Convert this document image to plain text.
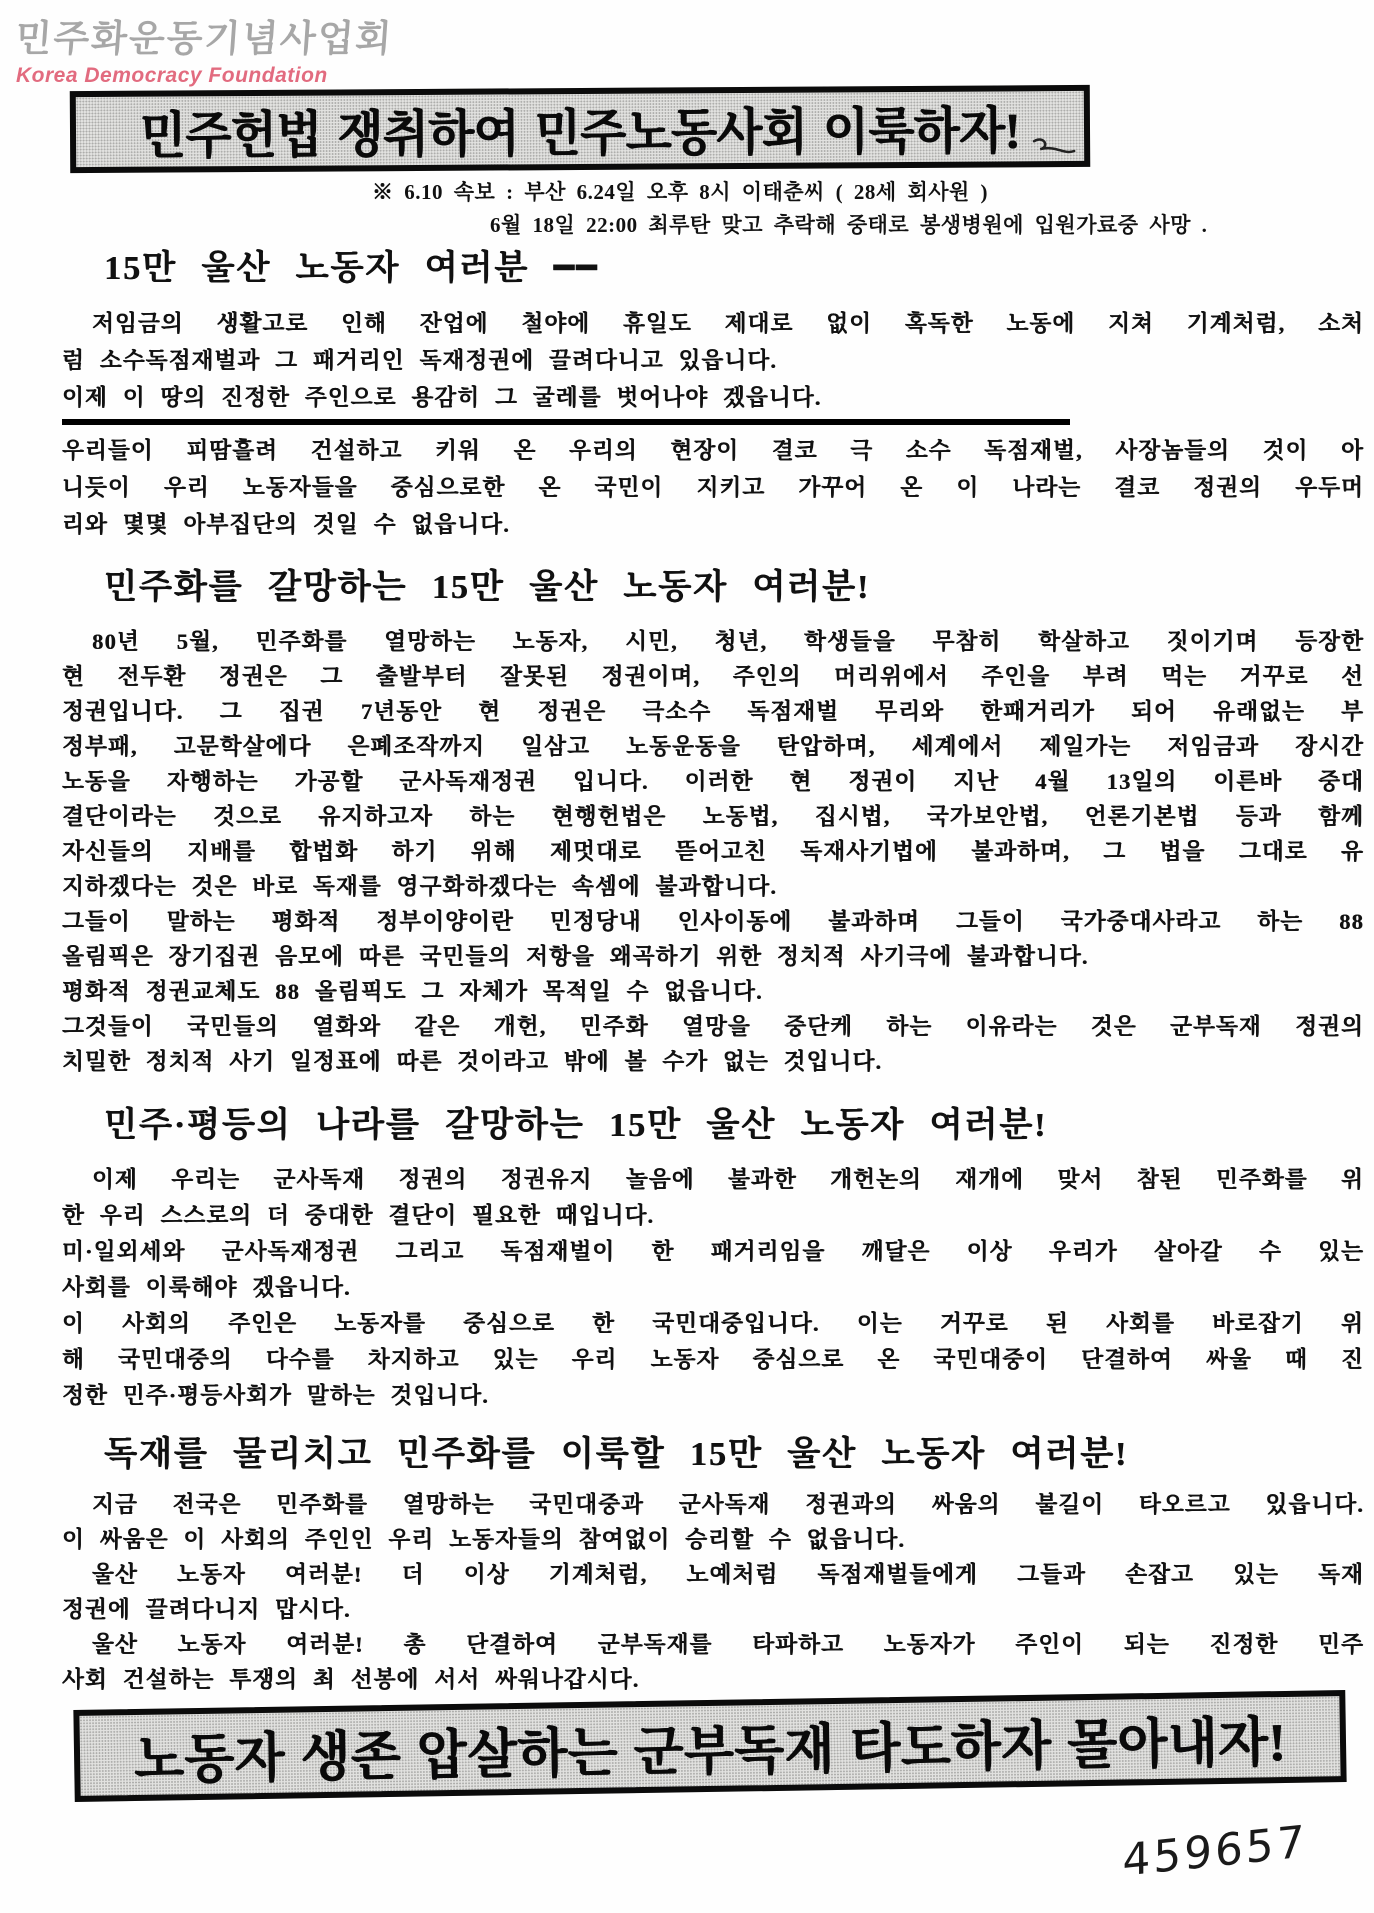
민주화운동기념사업회
Korea Democracy Foundation
민주헌법 쟁취하여 민주노동사회 이룩하자!
※ 6.10 속보 : 부산 6.24일 오후 8시 이태춘씨 ( 28세 회사원 )
6월 18일 22:00 최루탄 맞고 추락해 중태로 봉생병원에 입원가료중 사망 .
15만 울산 노동자 여러분 ━━
저임금의 생활고로 인해 잔업에 철야에 휴일도 제대로 없이 혹독한 노동에 지쳐 기계처럼, 소처
럼 소수독점재벌과 그 패거리인 독재정권에 끌려다니고 있읍니다.
이제 이 땅의 진정한 주인으로 용감히 그 굴레를 벗어나야 겠읍니다.
우리들이 피땀흘려 건설하고 키워 온 우리의 현장이 결코 극 소수 독점재벌, 사장놈들의 것이 아
니듯이 우리 노동자들을 중심으로한 온 국민이 지키고 가꾸어 온 이 나라는 결코 정권의 우두머
리와 몇몇 아부집단의 것일 수 없읍니다.
민주화를 갈망하는 15만 울산 노동자 여러분!
80년 5월, 민주화를 열망하는 노동자, 시민, 청년, 학생들을 무참히 학살하고 짓이기며 등장한
현 전두환 정권은 그 출발부터 잘못된 정권이며, 주인의 머리위에서 주인을 부려 먹는 거꾸로 선
정권입니다. 그 집권 7년동안 현 정권은 극소수 독점재벌 무리와 한패거리가 되어 유래없는 부
정부패, 고문학살에다 은폐조작까지 일삼고 노동운동을 탄압하며, 세계에서 제일가는 저임금과 장시간
노동을 자행하는 가공할 군사독재정권 입니다. 이러한 현 정권이 지난 4월 13일의 이른바 중대
결단이라는 것으로 유지하고자 하는 현행헌법은 노동법, 집시법, 국가보안법, 언론기본법 등과 함께
자신들의 지배를 합법화 하기 위해 제멋대로 뜯어고친 독재사기법에 불과하며, 그 법을 그대로 유
지하겠다는 것은 바로 독재를 영구화하겠다는 속셈에 불과합니다.
그들이 말하는 평화적 정부이양이란 민정당내 인사이동에 불과하며 그들이 국가중대사라고 하는 88
올림픽은 장기집권 음모에 따른 국민들의 저항을 왜곡하기 위한 정치적 사기극에 불과합니다.
평화적 정권교체도 88 올림픽도 그 자체가 목적일 수 없읍니다.
그것들이 국민들의 열화와 같은 개헌, 민주화 열망을 중단케 하는 이유라는 것은 군부독재 정권의
치밀한 정치적 사기 일정표에 따른 것이라고 밖에 볼 수가 없는 것입니다.
민주·평등의 나라를 갈망하는 15만 울산 노동자 여러분!
이제 우리는 군사독재 정권의 정권유지 놀음에 불과한 개헌논의 재개에 맞서 참된 민주화를 위
한 우리 스스로의 더 중대한 결단이 필요한 때입니다.
미·일외세와 군사독재정권 그리고 독점재벌이 한 패거리임을 깨달은 이상 우리가 살아갈 수 있는
사회를 이룩해야 겠읍니다.
이 사회의 주인은 노동자를 중심으로 한 국민대중입니다. 이는 거꾸로 된 사회를 바로잡기 위
해 국민대중의 다수를 차지하고 있는 우리 노동자 중심으로 온 국민대중이 단결하여 싸울 때 진
정한 민주·평등사회가 말하는 것입니다.
독재를 물리치고 민주화를 이룩할 15만 울산 노동자 여러분!
지금 전국은 민주화를 열망하는 국민대중과 군사독재 정권과의 싸움의 불길이 타오르고 있읍니다.
이 싸움은 이 사회의 주인인 우리 노동자들의 참여없이 승리할 수 없읍니다.
울산 노동자 여러분! 더 이상 기계처럼, 노예처럼 독점재벌들에게 그들과 손잡고 있는 독재
정권에 끌려다니지 맙시다.
울산 노동자 여러분! 총 단결하여 군부독재를 타파하고 노동자가 주인이 되는 진정한 민주
사회 건설하는 투쟁의 최 선봉에 서서 싸워나갑시다.
노동자 생존 압살하는 군부독재 타도하자 몰아내자!
459657
